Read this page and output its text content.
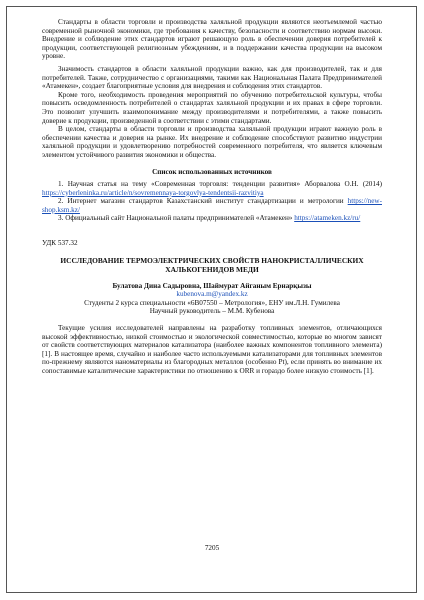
Стандарты в области торговли и производства халяльной продукции являются неотъемлемой частью современной рыночной экономики, где требования к качеству, безопасности и соответствию нормам высоки. Внедрение и соблюдение этих стандартов играют решающую роль в обеспечении доверия потребителей к продукции, соответствующей религиозным убеждениям, и в поддержании качества продукции на высоком уровне.

Значимость стандартов в области халяльной продукции важно, как для производителей, так и для потребителей. Также, сотрудничество с организациями, такими как Национальная Палата Предпринимателей «Атамекен», создает благоприятные условия для внедрения и соблюдения этих стандартов.

Кроме того, необходимость проведения мероприятий по обучению потребительской культуры, чтобы повысить осведомленность потребителей о стандартах халяльной продукции и их правах в сфере торговли. Это позволит улучшить взаимопонимание между производителями и потребителями, а также повысить доверие к продукции, произведенной в соответствии с этими стандартами.

В целом, стандарты в области торговли и производства халяльной продукции играют важную роль в обеспечении качества и доверия на рынке. Их внедрение и соблюдение способствуют развитию индустрии халяльной продукции и удовлетворению потребностей современного потребителя, что является ключевым элементом устойчивого развития экономики и общества.

Список использованных источников

1. Научная статья на тему «Современная торговля: тенденции развития» Аборвалова О.Н. (2014) https://cyberleninka.ru/article/n/sovremennaya-torgovlya-tendentsii-razvitiya

2. Интернет магазин стандартов Казахстанский институт стандартизации и метрологии https://new-shop.ksm.kz/

3. Официальный сайт Национальной палаты предпринимателей «Атамекен» https://atameken.kz/ru/

УДК 537.32

ИССЛЕДОВАНИЕ ТЕРМОЭЛЕКТРИЧЕСКИХ СВОЙСТВ НАНОКРИСТАЛЛИЧЕСКИХ ХАЛЬКОГЕНИДОВ МЕДИ

Булатова Дина Садыровна, Шаймурат Айганым Ернарқызы

kubenova.m@yandex.kz

Студенты 2 курса специальности «6В07550 – Метрология», ЕНУ им.Л.Н. Гумилева

Научный руководитель – М.М. Кубенова

Текущие усилия исследователей направлены на разработку топливных элементов, отличающихся высокой эффективностью, низкой стоимостью и экологической совместимостью, которые во многом зависят от свойств соответствующих материалов катализатора (наиболее важных компонентов топливного элемента) [1]. В настоящее время, случайно и наиболее часто используемыми катализаторами для топливных элементов по-прежнему являются наноматериалы из благородных металлов (особенно Pt), если принять во внимание их сопоставимые каталитические характеристики по отношению к ORR и гораздо более низкую стоимость [1].

7205
